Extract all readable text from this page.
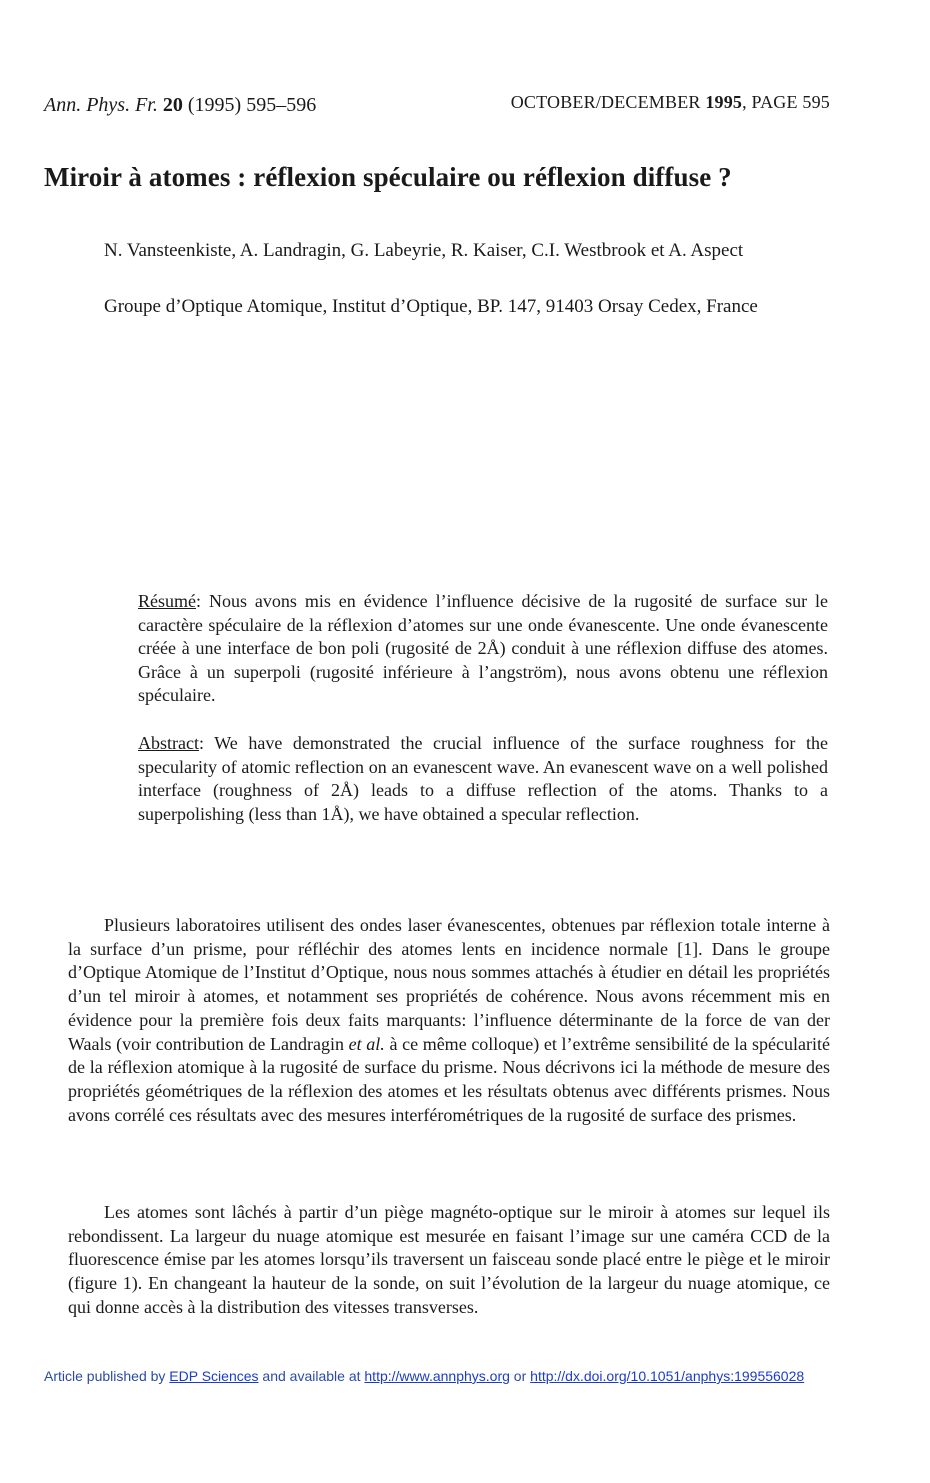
Ann. Phys. Fr. 20 (1995) 595–596	OCTOBER/DECEMBER 1995, PAGE 595
Miroir à atomes : réflexion spéculaire ou réflexion diffuse ?
N. Vansteenkiste, A. Landragin, G. Labeyrie, R. Kaiser, C.I. Westbrook et A. Aspect
Groupe d’Optique Atomique, Institut d’Optique, BP. 147, 91403 Orsay Cedex, France
Résumé: Nous avons mis en évidence l’influence décisive de la rugosité de surface sur le caractère spéculaire de la réflexion d’atomes sur une onde évanescente. Une onde évanescente créée à une interface de bon poli (rugosité de 2Å) conduit à une réflexion diffuse des atomes. Grâce à un superpoli (rugosité inférieure à l’angström), nous avons obtenu une réflexion spéculaire.
Abstract: We have demonstrated the crucial influence of the surface roughness for the specularity of atomic reflection on an evanescent wave. An evanescent wave on a well polished interface (roughness of 2Å) leads to a diffuse reflection of the atoms. Thanks to a superpolishing (less than 1Å), we have obtained a specular reflection.
Plusieurs laboratoires utilisent des ondes laser évanescentes, obtenues par réflexion totale interne à la surface d’un prisme, pour réfléchir des atomes lents en incidence normale [1]. Dans le groupe d’Optique Atomique de l’Institut d’Optique, nous nous sommes attachés à étudier en détail les propriétés d’un tel miroir à atomes, et notamment ses propriétés de cohérence. Nous avons récemment mis en évidence pour la première fois deux faits marquants: l’influence déterminante de la force de van der Waals (voir contribution de Landragin et al. à ce même colloque) et l’extrême sensibilité de la spécularité de la réflexion atomique à la rugosité de surface du prisme. Nous décrivons ici la méthode de mesure des propriétés géométriques de la réflexion des atomes et les résultats obtenus avec différents prismes. Nous avons corrélé ces résultats avec des mesures interférométriques de la rugosité de surface des prismes.
Les atomes sont lâchés à partir d’un piège magnéto-optique sur le miroir à atomes sur lequel ils rebondissent. La largeur du nuage atomique est mesurée en faisant l’image sur une caméra CCD de la fluorescence émise par les atomes lorsqu’ils traversent un faisceau sonde placé entre le piège et le miroir (figure 1). En changeant la hauteur de la sonde, on suit l’évolution de la largeur du nuage atomique, ce qui donne accès à la distribution des vitesses transverses.
Article published by EDP Sciences and available at http://www.annphys.org or http://dx.doi.org/10.1051/anphys:199556028
